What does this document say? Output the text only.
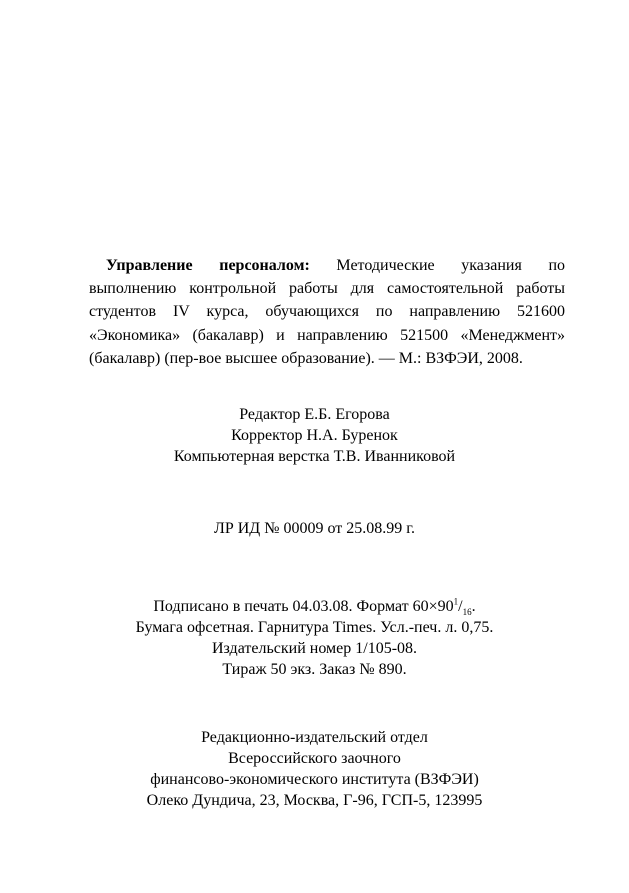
Управление персоналом: Методические указания по выполнению контрольной работы для самостоятельной работы студентов IV курса, обучающихся по направлению 521600 «Экономика» (бакалавр) и направлению 521500 «Менеджмент» (бакалавр) (пер-вое высшее образование). — М.: ВЗФЭИ, 2008.

Редактор Е.Б. Егорова
Корректор Н.А. Буренок
Компьютерная верстка Т.В. Иванниковой
ЛР ИД № 00009 от 25.08.99 г.
Подписано в печать 04.03.08. Формат $60\times 90^1/_{16}$.
Бумага офсетная. Гарнитура Times. Усл.-печ. л. 0,75.
Издательский номер 1/105-08.
Тираж 50 экз. Заказ № 890.
Редакционно-издательский отдел
Всероссийского заочного
финансово-экономического института (ВЗФЭИ)
Олеко Дундича, 23, Москва, Г-96, ГСП-5, 123995
